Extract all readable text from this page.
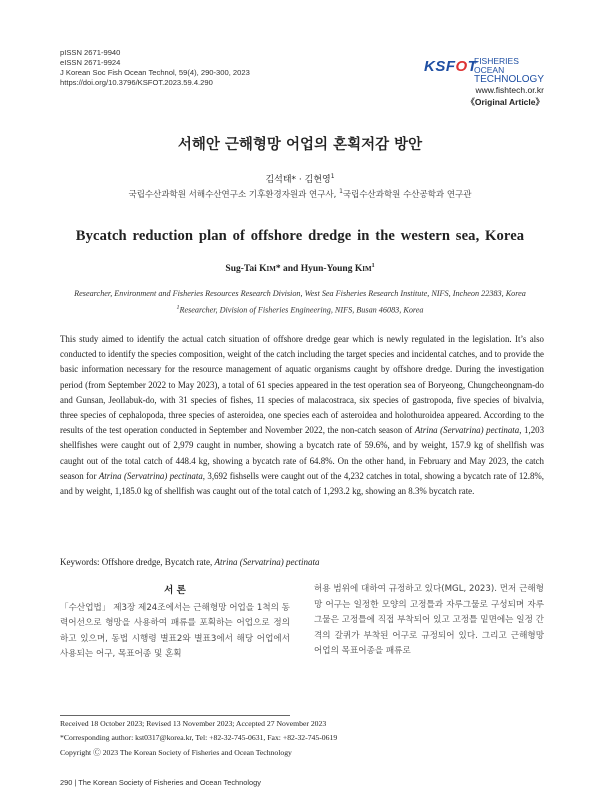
pISSN 2671-9940
eISSN 2671-9924
J Korean Soc Fish Ocean Technol, 59(4), 290-300, 2023
https://doi.org/10.3796/KSFOT.2023.59.4.290
KSFOT
FISHERIES OCEAN
TECHNOLOGY
www.fishtech.or.kr
《Original Article》
서해안 근해형망 어업의 혼획저감 방안
김석태* · 김현영$^1$
국립수산과학원 서해수산연구소 기후환경자원과 연구사, $^1$국립수산과학원 수산공학과 연구관
Bycatch reduction plan of offshore dredge in the western sea, Korea
Sug-Tai Kim* and Hyun-Young Kim$^1$
Researcher, Environment and Fisheries Resources Research Division, West Sea Fisheries Research Institute, NIFS, Incheon 22383, Korea
$^1$Researcher, Division of Fisheries Engineering, NIFS, Busan 46083, Korea
This study aimed to identify the actual catch situation of offshore dredge gear which is newly regulated in the legislation. It’s also conducted to identify the species composition, weight of the catch including the target species and incidental catches, and to provide the basic information necessary for the resource management of aquatic organisms caught by offshore dredge. During the investigation period (from September 2022 to May 2023), a total of 61 species appeared in the test operation sea of Boryeong, Chungcheongnam-do and Gunsan, Jeollabuk-do, with 31 species of fishes, 11 species of malacostraca, six species of gastropoda, five species of bivalvia, three species of cephalopoda, three species of asteroidea, one species each of asteroidea and holothuroidea appeared. According to the results of the test operation conducted in September and November 2022, the non-catch season of Atrina (Servatrina) pectinata, 1,203 shellfishes were caught out of 2,979 caught in number, showing a bycatch rate of 59.6%, and by weight, 157.9 kg of shellfish was caught out of the total catch of 448.4 kg, showing a bycatch rate of 64.8%. On the other hand, in February and May 2023, the catch season for Atrina (Servatrina) pectinata, 3,692 fishsells were caught out of the 4,232 catches in total, showing a bycatch rate of 12.8%, and by weight, 1,185.0 kg of shellfish was caught out of the total catch of 1,293.2 kg, showing an 8.3% bycatch rate.
Keywords: Offshore dredge, Bycatch rate, Atrina (Servatrina) pectinata
서 론
「수산업법」 제3장 제24조에서는 근해형망 어업을 1척의 동력어선으로 형망을 사용하여 패류를 포획하는 어업으로 정의하고 있으며, 동법 시행령 별표2와 별표3에서 해당 어업에서 사용되는 어구, 목표어종 및 혼획
허용 범위에 대하여 규정하고 있다(MGL, 2023). 먼저 근해형망 어구는 일정한 모양의 고정틀과 자루그물로 구성되며 자루그물은 고정틀에 직접 부착되어 있고 고정틀 밑면에는 일정 간격의 갈퀴가 부착된 어구로 규정되어 있다. 그리고 근해형망 어업의 목표어종을 패류로
Received 18 October 2023; Revised 13 November 2023; Accepted 27 November 2023
*Corresponding author: kst0317@korea.kr, Tel: +82-32-745-0631, Fax: +82-32-745-0619
Copyright Ⓒ 2023 The Korean Society of Fisheries and Ocean Technology
290 | The Korean Society of Fisheries and Ocean Technology
